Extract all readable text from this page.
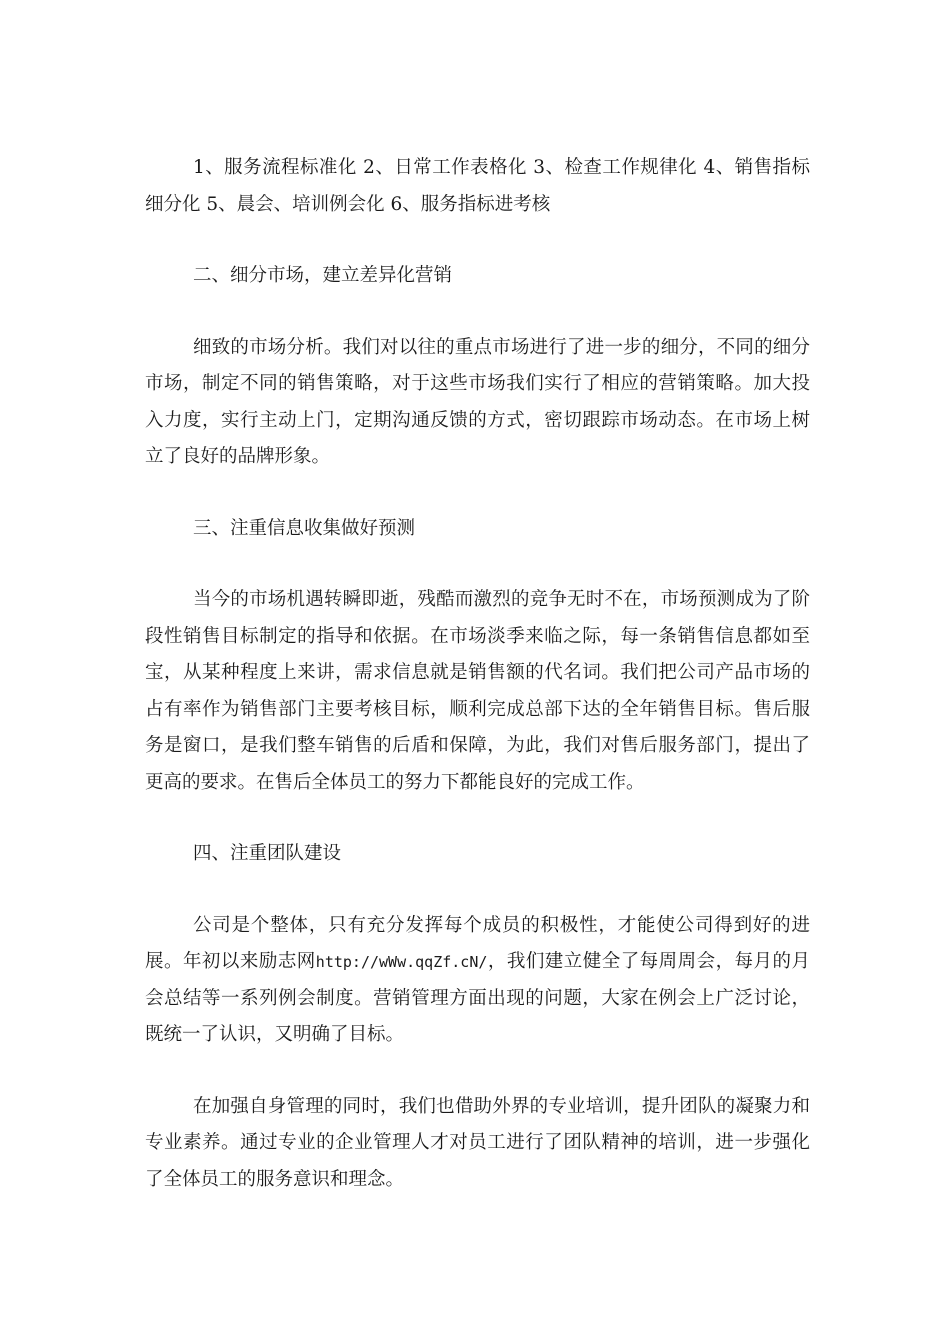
1、服务流程标准化 2、日常工作表格化 3、检查工作规律化 4、销售指标细分化 5、晨会、培训例会化 6、服务指标进考核

二、细分市场，建立差异化营销

细致的市场分析。我们对以往的重点市场进行了进一步的细分，不同的细分市场，制定不同的销售策略，对于这些市场我们实行了相应的营销策略。加大投入力度，实行主动上门，定期沟通反馈的方式，密切跟踪市场动态。在市场上树立了良好的品牌形象。

三、注重信息收集做好预测

当今的市场机遇转瞬即逝，残酷而激烈的竞争无时不在，市场预测成为了阶段性销售目标制定的指导和依据。在市场淡季来临之际，每一条销售信息都如至宝，从某种程度上来讲，需求信息就是销售额的代名词。我们把公司产品市场的占有率作为销售部门主要考核目标，顺利完成总部下达的全年销售目标。售后服务是窗口，是我们整车销售的后盾和保障，为此，我们对售后服务部门，提出了更高的要求。在售后全体员工的努力下都能良好的完成工作。

四、注重团队建设

公司是个整体，只有充分发挥每个成员的积极性，才能使公司得到好的进展。年初以来励志网http://wWw.qqZf.cN/，我们建立健全了每周周会，每月的月会总结等一系列例会制度。营销管理方面出现的问题，大家在例会上广泛讨论，既统一了认识，又明确了目标。

在加强自身管理的同时，我们也借助外界的专业培训，提升团队的凝聚力和专业素养。通过专业的企业管理人才对员工进行了团队精神的培训，进一步强化了全体员工的服务意识和理念。
